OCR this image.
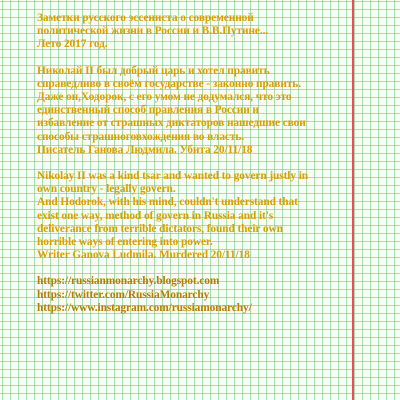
Заметки русского эссениста о современной
политической жизни в России и В.В.Путине...
Лето 2017 год.
Николай II был добрый царь и хотел править
справедливо в своём государстве - законно править.
Даже он,Ходорок, с его умом не додумался, что это
единственный способ правления в России и
избавление от страшных диктаторов нашедшие свои
способы страшноговхождения во власть.
Писатель Ганова Людмила. Убита 20/11/18
Nikolay II was a kind tsar and wanted to govern justly in
own country - legally govern.
And Hodorok, with his mind, couldn't understand that
exist one way, method of govern in Russia and it's
deliverance from terrible dictators, found their own
horrible ways of entering into power.
Writer Ganova Ludmila. Murdered 20/11/18
https://russianmonarchy.blogspot.com
https://twitter.com/RussiaMonarchy
https://www.instagram.com/russiamonarchy/
